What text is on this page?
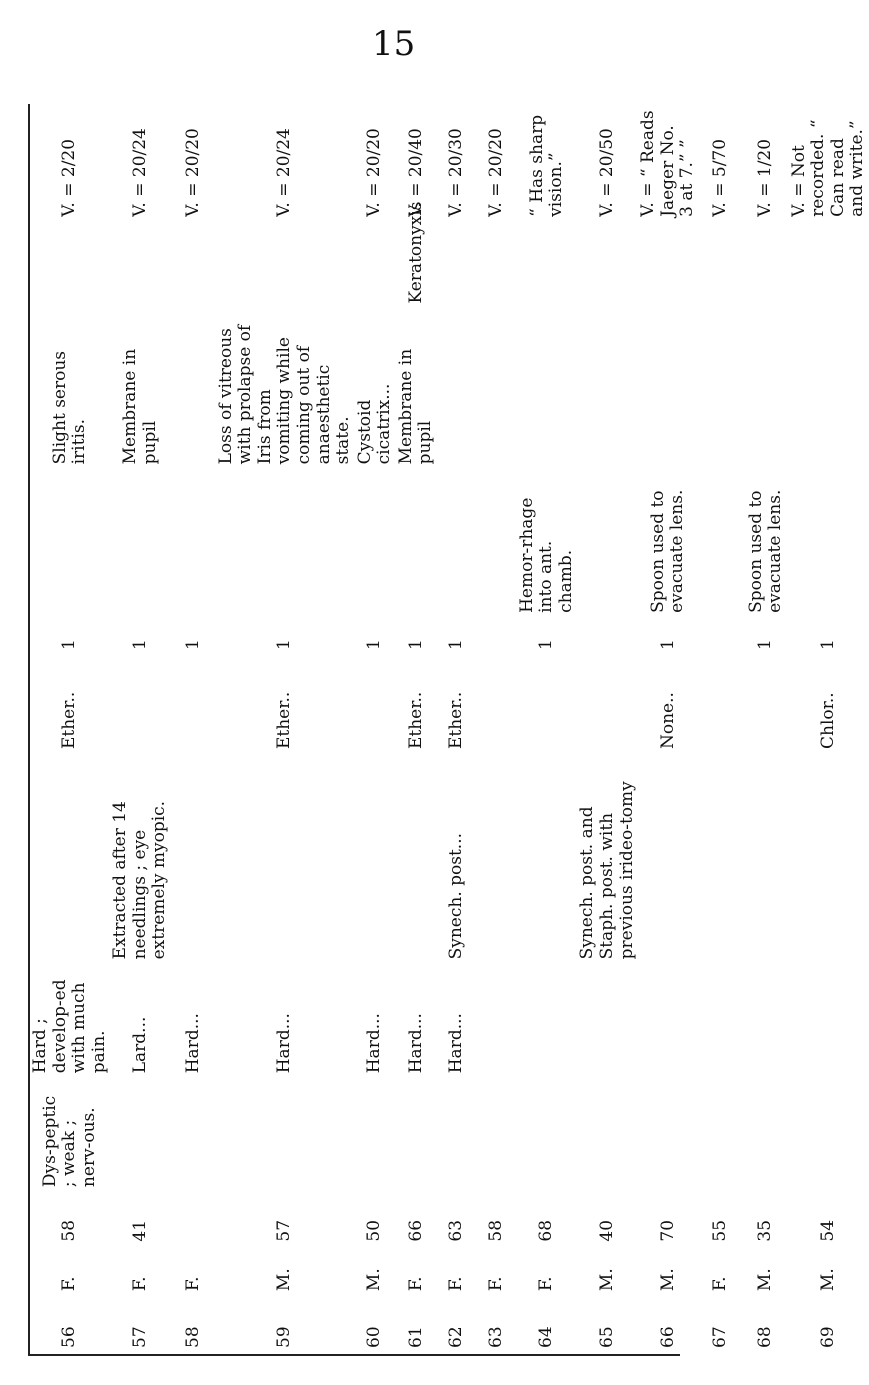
15
56	F.	58	Dys-peptic ; weak ; nerv-ous.	Hard ; develop-ed with much pain.		Ether..	1		Slight serous iritis.		V. = 2/20
57	F.	41		Lard...	Extracted after 14 needlings ; eye extremely myopic.		1		Membrane in pupil		V. = 20/24
58	F.			Hard...			1				V. = 20/20
59	M.	57		Hard...		Ether..	1		Loss of vitreous with prolapse of Iris from vomiting while coming out of anaesthetic state.		V. = 20/24
60	M.	50		Hard...			1		Cystoid cicatrix...		V. = 20/20
61	F.	66		Hard...		Ether..	1		Membrane in pupil	Keratonyxis	V. = 20/40
62	F.	63		Hard...	Synech. post...	Ether..	1				V. = 20/30
63	F.	58									V. = 20/20
64	F.	68					1	Hemor-rhage into ant. chamb.			“ Has sharp vision.”
65	M.	40			Synech. post. and Staph. post. with previous irideo-tomy						V. = 20/50
66	M.	70				None..	1	Spoon used to evacuate lens.			V. = “ Reads Jaeger No. 3 at 7.” ”
67	F.	55									V. = 5/70
68	M.	35					1	Spoon used to evacuate lens.			V. = 1/20
69	M.	54				Chlor..	1				V. = Not recorded. “ Can read and write.”
